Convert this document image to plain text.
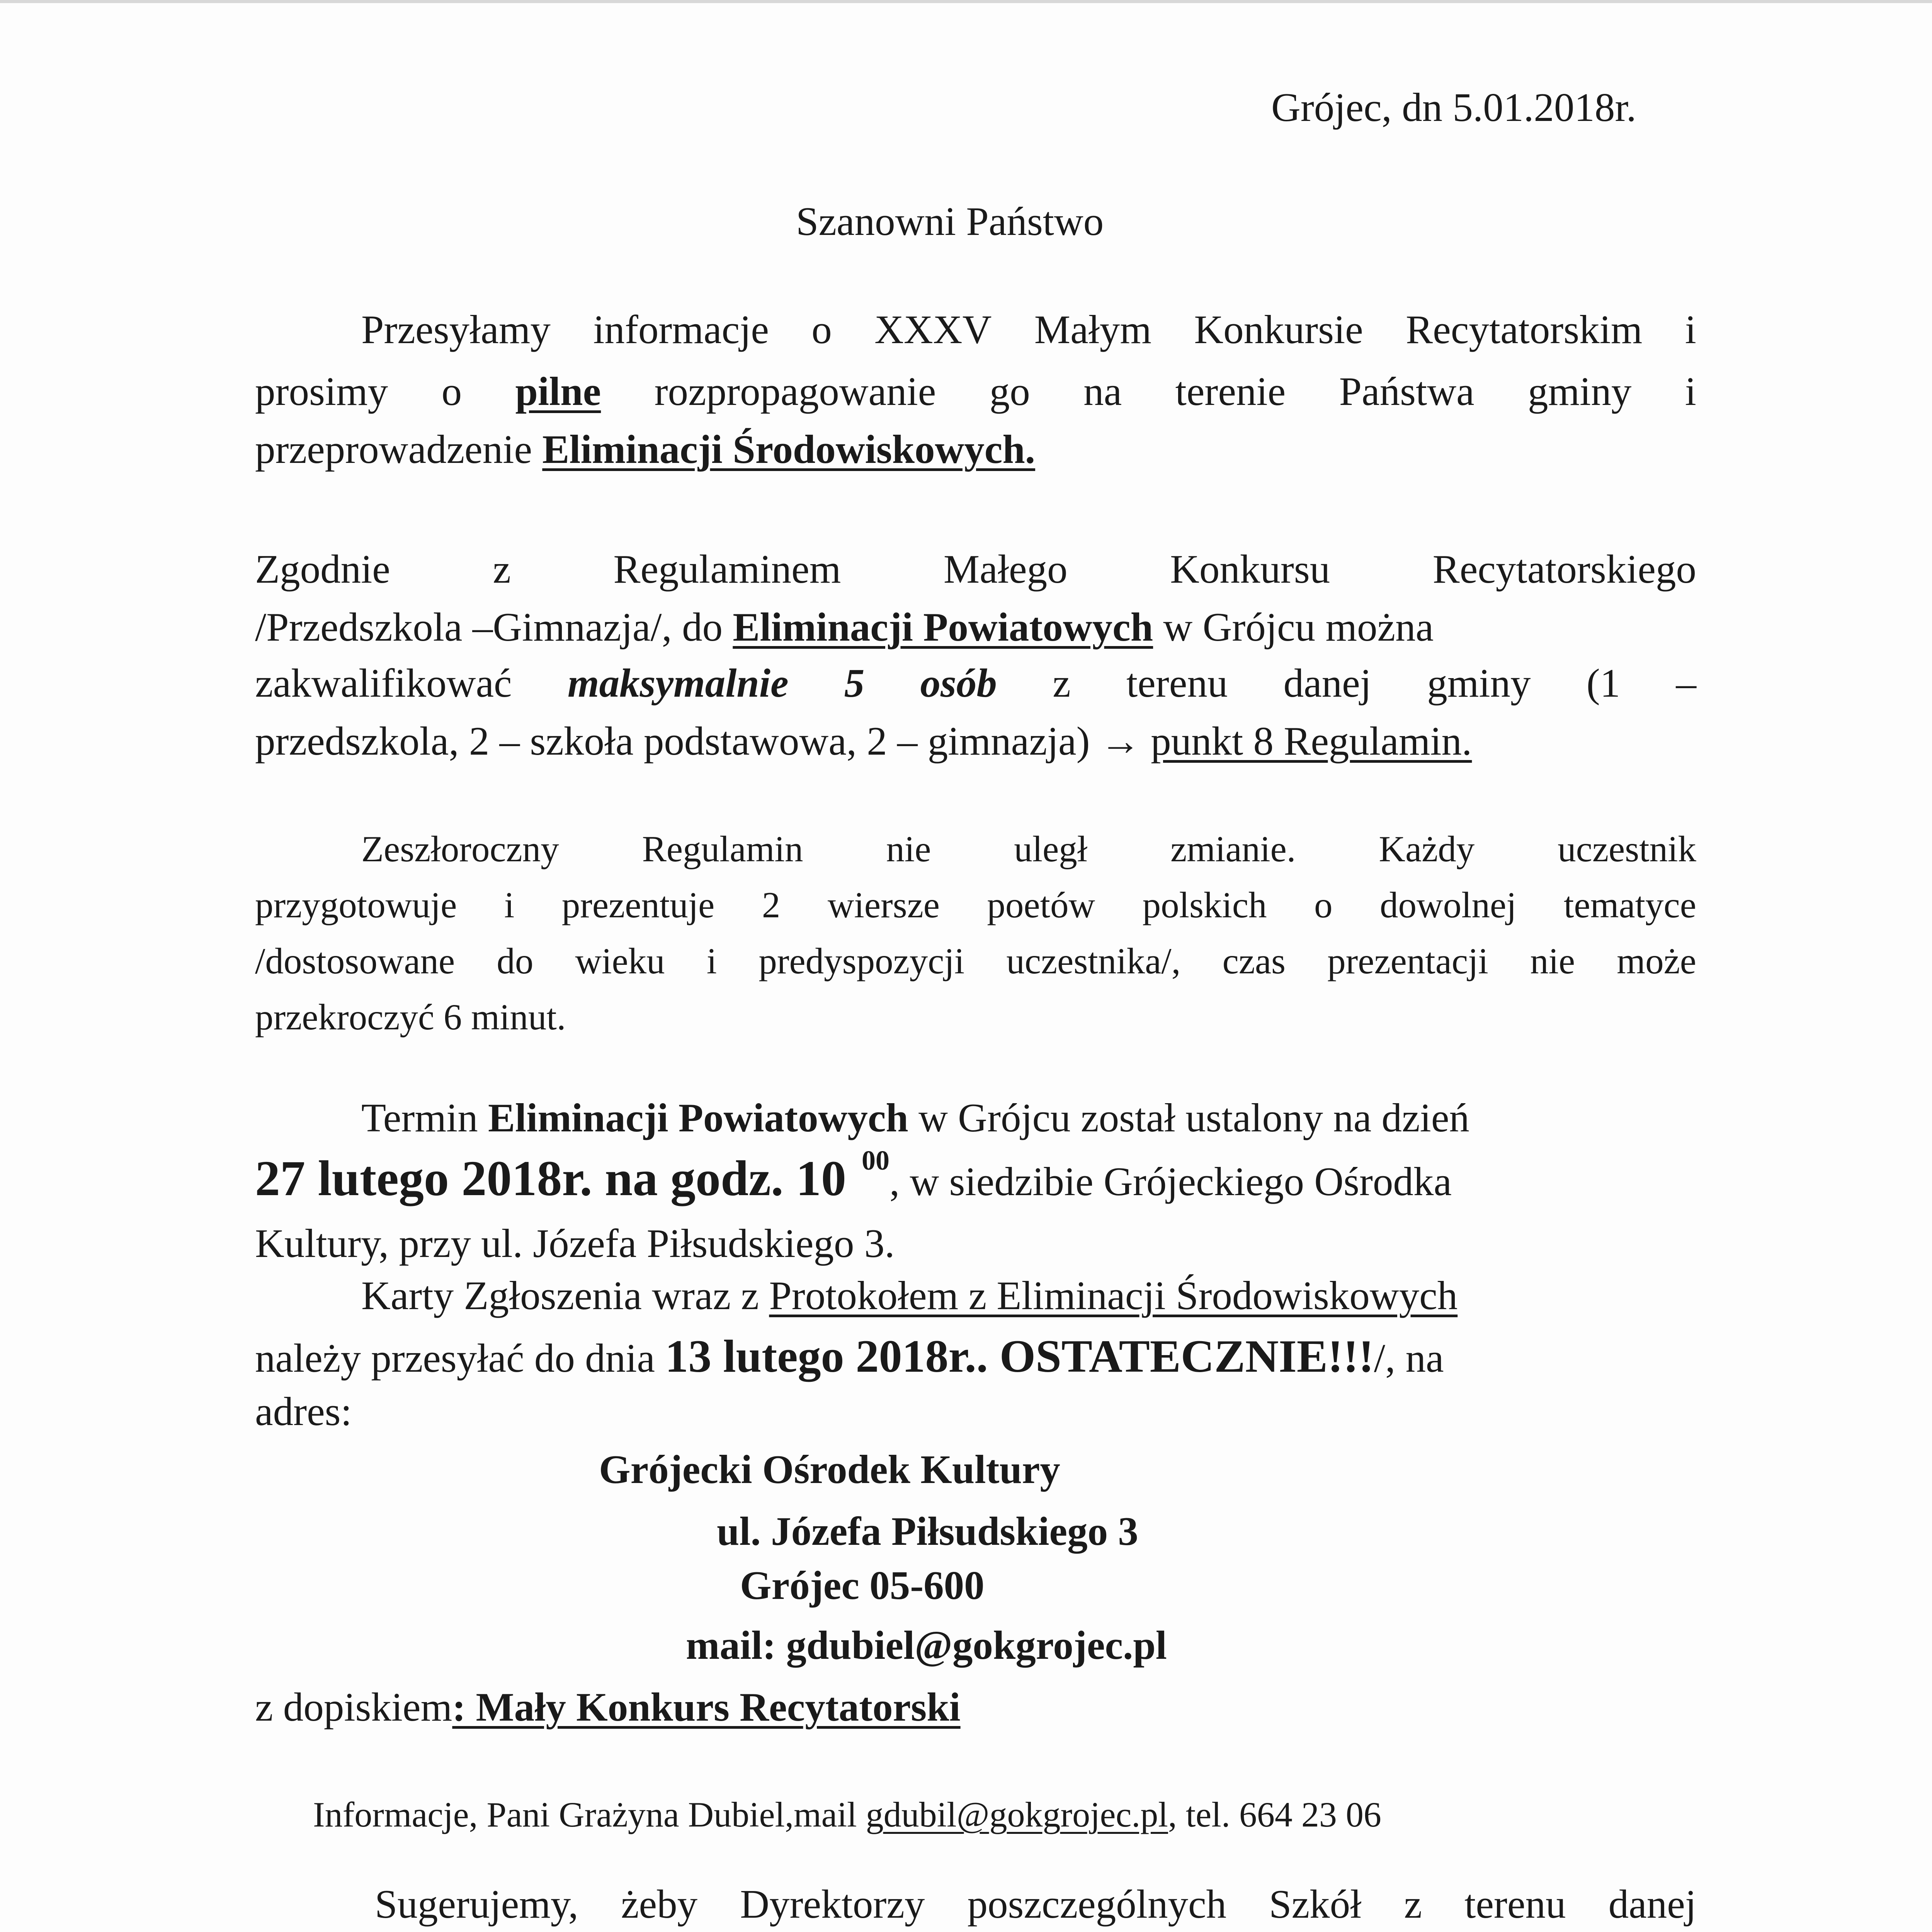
Grójec, dn 5.01.2018r.
Szanowni Państwo
Przesyłamy informacje o XXXV Małym Konkursie Recytatorskim i
prosimy o pilne rozpropagowanie go na terenie Państwa gminy i
przeprowadzenie Eliminacji Środowiskowych.
Zgodnie	z	Regulaminem	Małego	Konkursu	Recytatorskiego
/Przedszkola –Gimnazja/, do Eliminacji Powiatowych w Grójcu można
zakwalifikować maksymalnie 5 osób z terenu danej gminy (1 –
przedszkola, 2 – szkoła podstawowa, 2 – gimnazja) → punkt 8 Regulamin.
Zeszłoroczny Regulamin nie uległ zmianie. Każdy uczestnik
przygotowuje i prezentuje 2 wiersze poetów polskich o dowolnej tematyce
/dostosowane do wieku i predyspozycji uczestnika/, czas prezentacji nie może
przekroczyć 6 minut.
Termin Eliminacji Powiatowych w Grójcu został ustalony na dzień
27 lutego 2018r. na godz. 10 $^{00}$, w siedzibie Grójeckiego Ośrodka
Kultury, przy ul. Józefa Piłsudskiego 3.
Karty Zgłoszenia wraz z Protokołem z Eliminacji Środowiskowych
należy przesyłać do dnia 13 lutego 2018r.. OSTATECZNIE!!!/, na
adres:
Grójecki Ośrodek Kultury
ul. Józefa Piłsudskiego 3
Grójec 05-600
mail: gdubiel@gokgrojec.pl
z dopiskiem: Mały Konkurs Recytatorski
Informacje, Pani Grażyna Dubiel,mail gdubil@gokgrojec.pl, tel. 664 23 06
Sugerujemy, żeby Dyrektorzy poszczególnych Szkół z terenu danej
